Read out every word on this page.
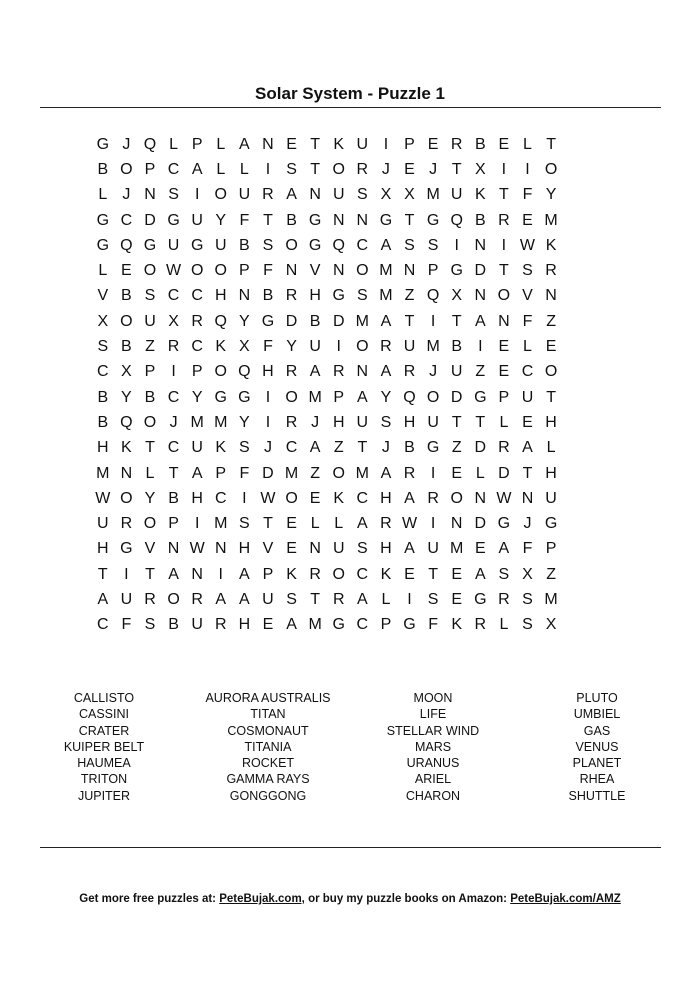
Solar System - Puzzle 1
G J Q L P L A N E T K U I	P E R B E L T
B O P C A L L	I	S T O R J E J T X	I	I O
L J N S	I O U R A N U S X X M U K T F Y
G C D G U Y F T B G N N G T G Q B R E M
G Q G U G U B S O G Q C A S S	I N I W K
L E O W O O P F N V N O M N P G D T S R
V B S C C H N B R H G S M Z Q X N O V N
X O U X R Q Y G D B D M A T	I	T A N F Z
S B Z R C K X F Y U I O R U M B	I	E L E
C X P	I	P O Q H R A R N A R J U Z E C O
B Y B C Y G G I O M P A Y Q O D G P U T
B Q O J M M Y	I R J H U S H U T T L E H
H K T C U K S J C A Z T J B G Z D R A L
M N L T A P F D M Z O M A R I	E L D T H
W O Y B H C I W O E K C H A R O N W N U
U R O P	I M S T E L L A R W I N D G J G
H G V N W N H V E N U S H A U M E A F P
T	I	T A N I	A P K R O C K E T E A S X Z
A U R O R A A U S T R A L	I	S E G R S M
C F S B U R H E A M G C P G F K R L S X
CALLISTO
CASSINI
CRATER
KUIPER BELT
HAUMEA
TRITON
JUPITER
AURORA AUSTRALIS
TITAN
COSMONAUT
TITANIA
ROCKET
GAMMA RAYS
GONGGONG
MOON
LIFE
STELLAR WIND
MARS
URANUS
ARIEL
CHARON
PLUTO
UMBIEL
GAS
VENUS
PLANET
RHEA
SHUTTLE
Get more free puzzles at: PeteBujak.com, or buy my puzzle books on Amazon: PeteBujak.com/AMZ
